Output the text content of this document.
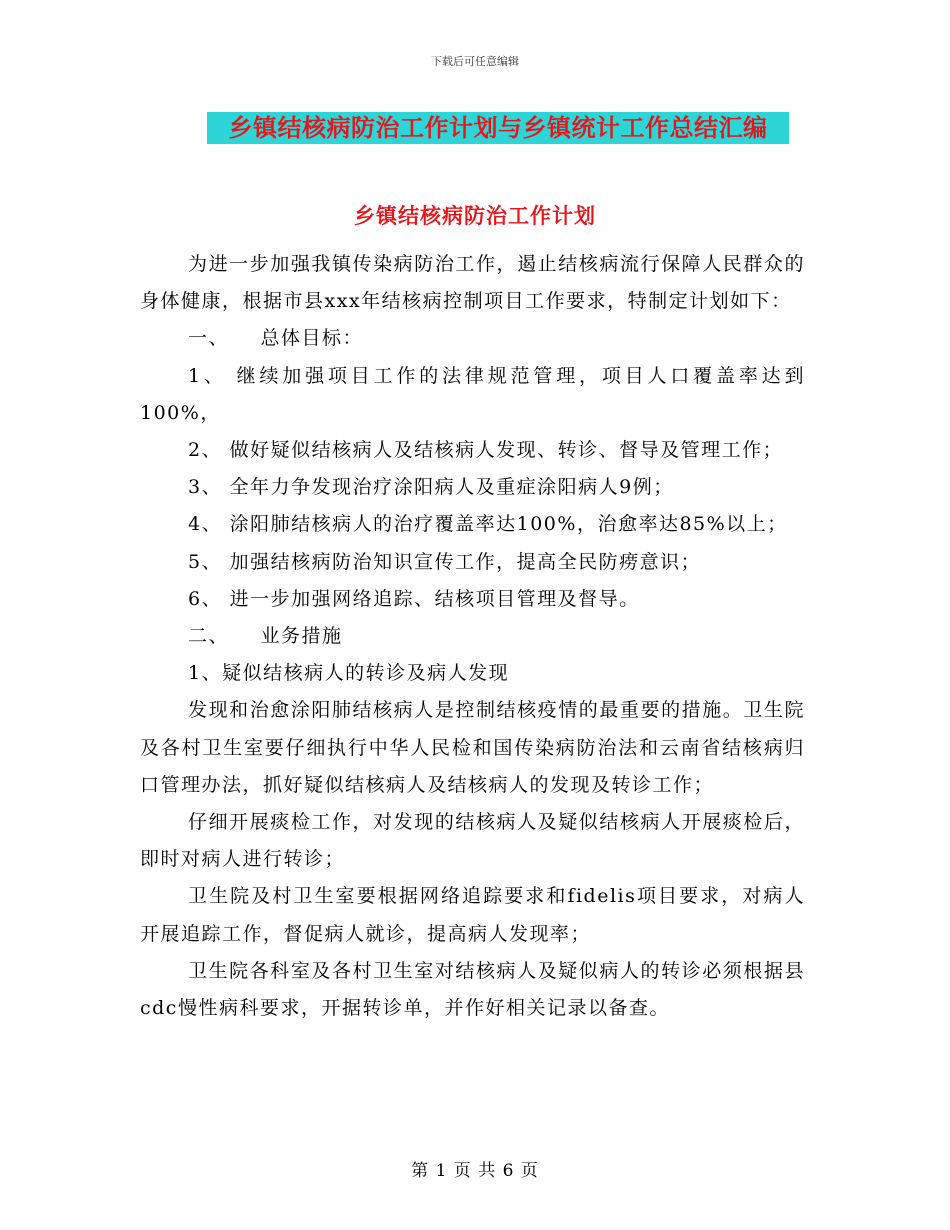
下载后可任意编辑
乡镇结核病防治工作计划与乡镇统计工作总结汇编
乡镇结核病防治工作计划

为进一步加强我镇传染病防治工作，遏止结核病流行保障人民群众的身体健康，根据市县xxx年结核病控制项目工作要求，特制定计划如下：

一、　　总体目标：

1、 继续加强项目工作的法律规范管理，项目人口覆盖率达到100%，

2、 做好疑似结核病人及结核病人发现、转诊、督导及管理工作；

3、 全年力争发现治疗涂阳病人及重症涂阳病人9例；

4、 涂阳肺结核病人的治疗覆盖率达100%，治愈率达85%以上；

5、 加强结核病防治知识宣传工作，提高全民防痨意识；

6、 进一步加强网络追踪、结核项目管理及督导。

二、　　业务措施

1、疑似结核病人的转诊及病人发现

发现和治愈涂阳肺结核病人是控制结核疫情的最重要的措施。卫生院及各村卫生室要仔细执行中华人民检和国传染病防治法和云南省结核病归口管理办法，抓好疑似结核病人及结核病人的发现及转诊工作；

仔细开展痰检工作，对发现的结核病人及疑似结核病人开展痰检后，即时对病人进行转诊；

卫生院及村卫生室要根据网络追踪要求和fidelis项目要求，对病人开展追踪工作，督促病人就诊，提高病人发现率；

卫生院各科室及各村卫生室对结核病人及疑似病人的转诊必须根据县cdc慢性病科要求，开据转诊单，并作好相关记录以备查。

第 1 页 共 6 页
